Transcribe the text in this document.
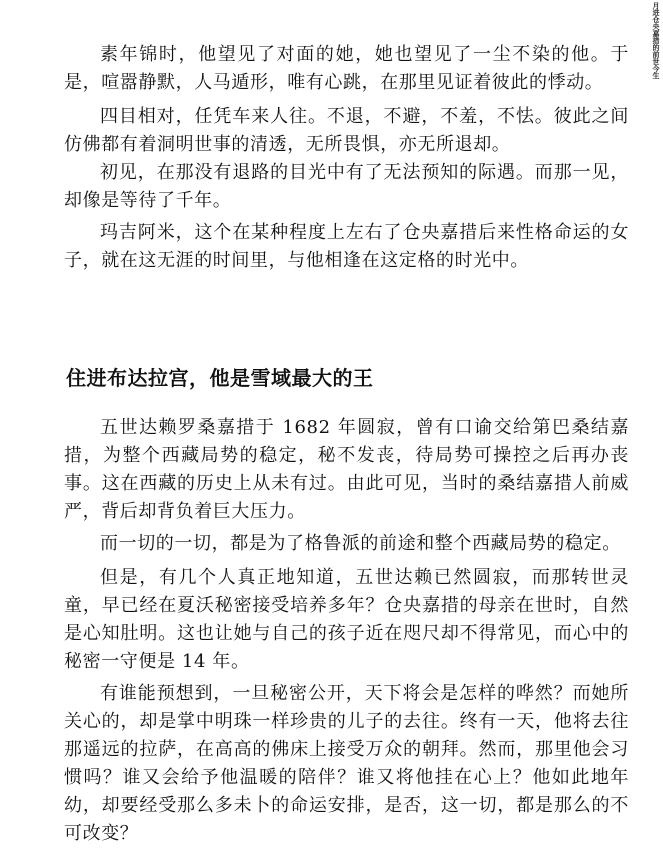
月进仓央嘉措的前世今生

素年锦时，他望见了对面的她，她也望见了一尘不染的他。于是，喧嚣静默，人马遁形，唯有心跳，在那里见证着彼此的悸动。

四目相对，任凭车来人往。不退，不避，不羞，不怯。彼此之间仿佛都有着洞明世事的清透，无所畏惧，亦无所退却。

初见，在那没有退路的目光中有了无法预知的际遇。而那一见，却像是等待了千年。

玛吉阿米，这个在某种程度上左右了仓央嘉措后来性格命运的女子，就在这无涯的时间里，与他相逢在这定格的时光中。

住进布达拉宫，他是雪域最大的王

五世达赖罗桑嘉措于 1682 年圆寂，曾有口谕交给第巴桑结嘉措，为整个西藏局势的稳定，秘不发丧，待局势可操控之后再办丧事。这在西藏的历史上从未有过。由此可见，当时的桑结嘉措人前威严，背后却背负着巨大压力。

而一切的一切，都是为了格鲁派的前途和整个西藏局势的稳定。

但是，有几个人真正地知道，五世达赖已然圆寂，而那转世灵童，早已经在夏沃秘密接受培养多年？仓央嘉措的母亲在世时，自然是心知肚明。这也让她与自己的孩子近在咫尺却不得常见，而心中的秘密一守便是 14 年。

有谁能预想到，一旦秘密公开，天下将会是怎样的哗然？而她所关心的，却是掌中明珠一样珍贵的儿子的去往。终有一天，他将去往那遥远的拉萨，在高高的佛床上接受万众的朝拜。然而，那里他会习惯吗？谁又会给予他温暖的陪伴？谁又将他挂在心上？他如此地年幼，却要经受那么多未卜的命运安排，是否，这一切，都是那么的不可改变？
